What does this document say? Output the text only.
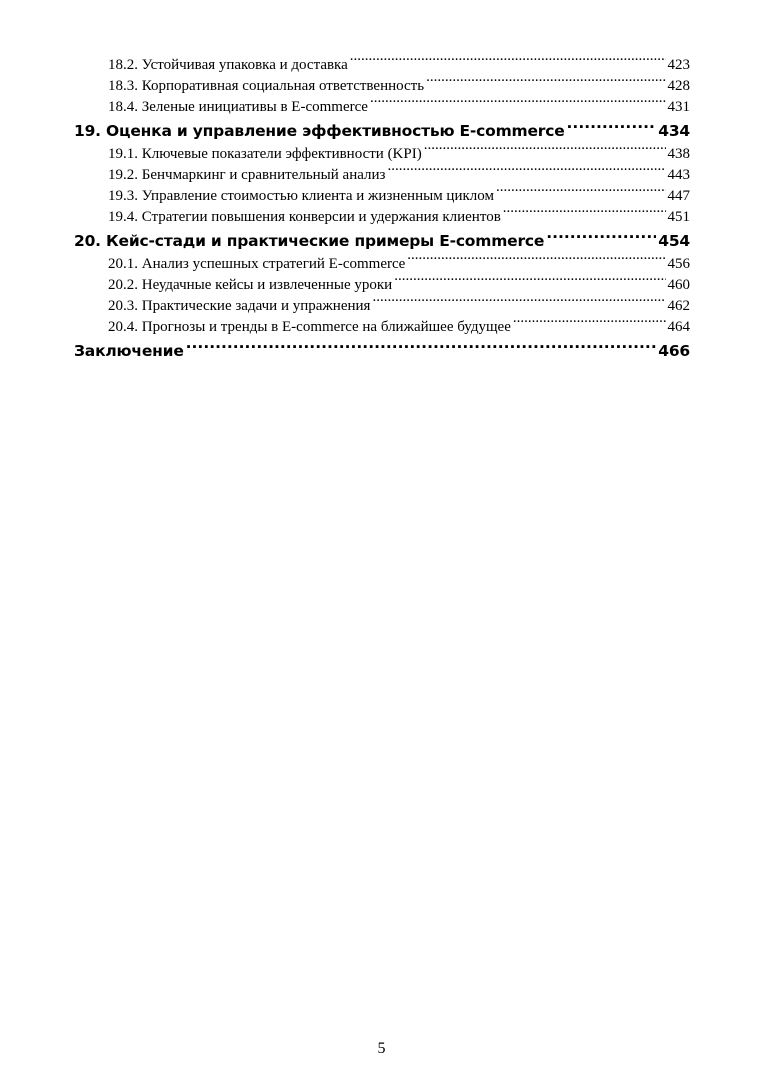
18.2. Устойчивая упаковка и доставка .....	423
18.3. Корпоративная социальная ответственность .....	428
18.4. Зеленые инициативы в E-commerce .....	431
19. Оценка и управление эффективностью E-commerce .....	434
19.1. Ключевые показатели эффективности (KPI) .....	438
19.2. Бенчмаркинг и сравнительный анализ .....	443
19.3. Управление стоимостью клиента и жизненным циклом .....	447
19.4. Стратегии повышения конверсии и удержания клиентов .....	451
20. Кейс-стади и практические примеры E-commerce .....	454
20.1. Анализ успешных стратегий E-commerce .....	456
20.2. Неудачные кейсы и извлеченные уроки .....	460
20.3. Практические задачи и упражнения .....	462
20.4. Прогнозы и тренды в E-commerce на ближайшее будущее .....	464
Заключение .....	466
5
